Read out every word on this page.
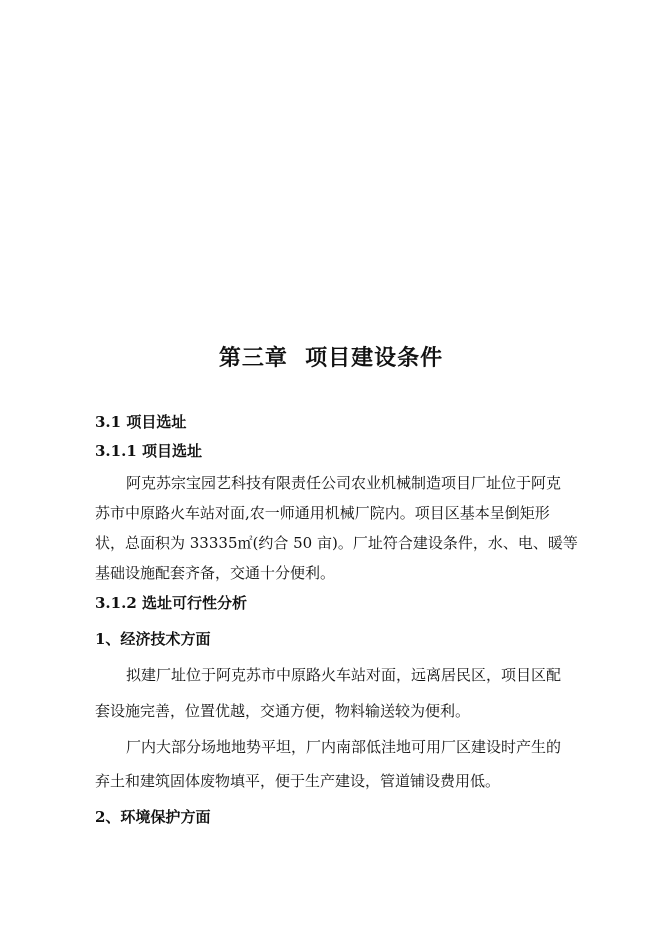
第三章  项目建设条件
3.1 项目选址
3.1.1 项目选址
阿克苏宗宝园艺科技有限责任公司农业机械制造项目厂址位于阿克
苏市中原路火车站对面,农一师通用机械厂院内。项目区基本呈倒矩形
状，总面积为 33335㎡(约合 50 亩)。厂址符合建设条件，水、电、暖等
基础设施配套齐备，交通十分便利。
3.1.2 选址可行性分析
1、经济技术方面
拟建厂址位于阿克苏市中原路火车站对面，远离居民区，项目区配
套设施完善，位置优越，交通方便，物料输送较为便利。
厂内大部分场地地势平坦，厂内南部低洼地可用厂区建设时产生的
弃土和建筑固体废物填平，便于生产建设，管道铺设费用低。
2、环境保护方面
